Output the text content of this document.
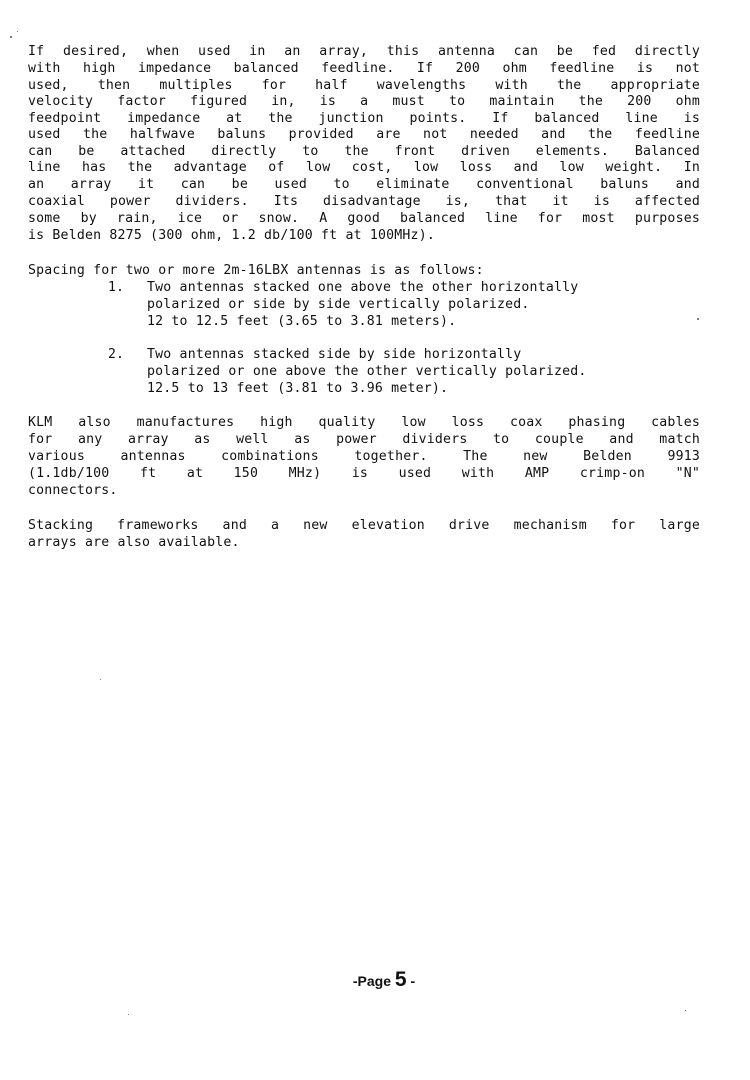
If desired, when used in an array, this antenna can be fed directly
with high impedance balanced feedline. If 200 ohm feedline is not
used, then multiples for half wavelengths with the appropriate
velocity factor figured in, is a must to maintain the 200 ohm
feedpoint impedance at the junction points. If balanced line is
used the halfwave baluns provided are not needed and the feedline
can be attached directly to the front driven elements. Balanced
line has the advantage of low cost, low loss and low weight. In
an array it can be used to eliminate conventional baluns and
coaxial power dividers. Its disadvantage is, that it is affected
some by rain, ice or snow. A good balanced line for most purposes
is Belden 8275 (300 ohm, 1.2 db/100 ft at 100MHz).
Spacing for two or more 2m-16LBX antennas is as follows:
1. Two antennas stacked one above the other horizontally
polarized or side by side vertically polarized.
12 to 12.5 feet (3.65 to 3.81 meters).
2. Two antennas stacked side by side horizontally
polarized or one above the other vertically polarized.
12.5 to 13 feet (3.81 to 3.96 meter).
KLM also manufactures high quality low loss coax phasing cables
for any array as well as power dividers to couple and match
various antennas combinations together. The new Belden 9913
(1.1db/100 ft at 150 MHz) is used with AMP crimp-on "N"
connectors.
Stacking frameworks and a new elevation drive mechanism for large
arrays are also available.
-Page 5 -
